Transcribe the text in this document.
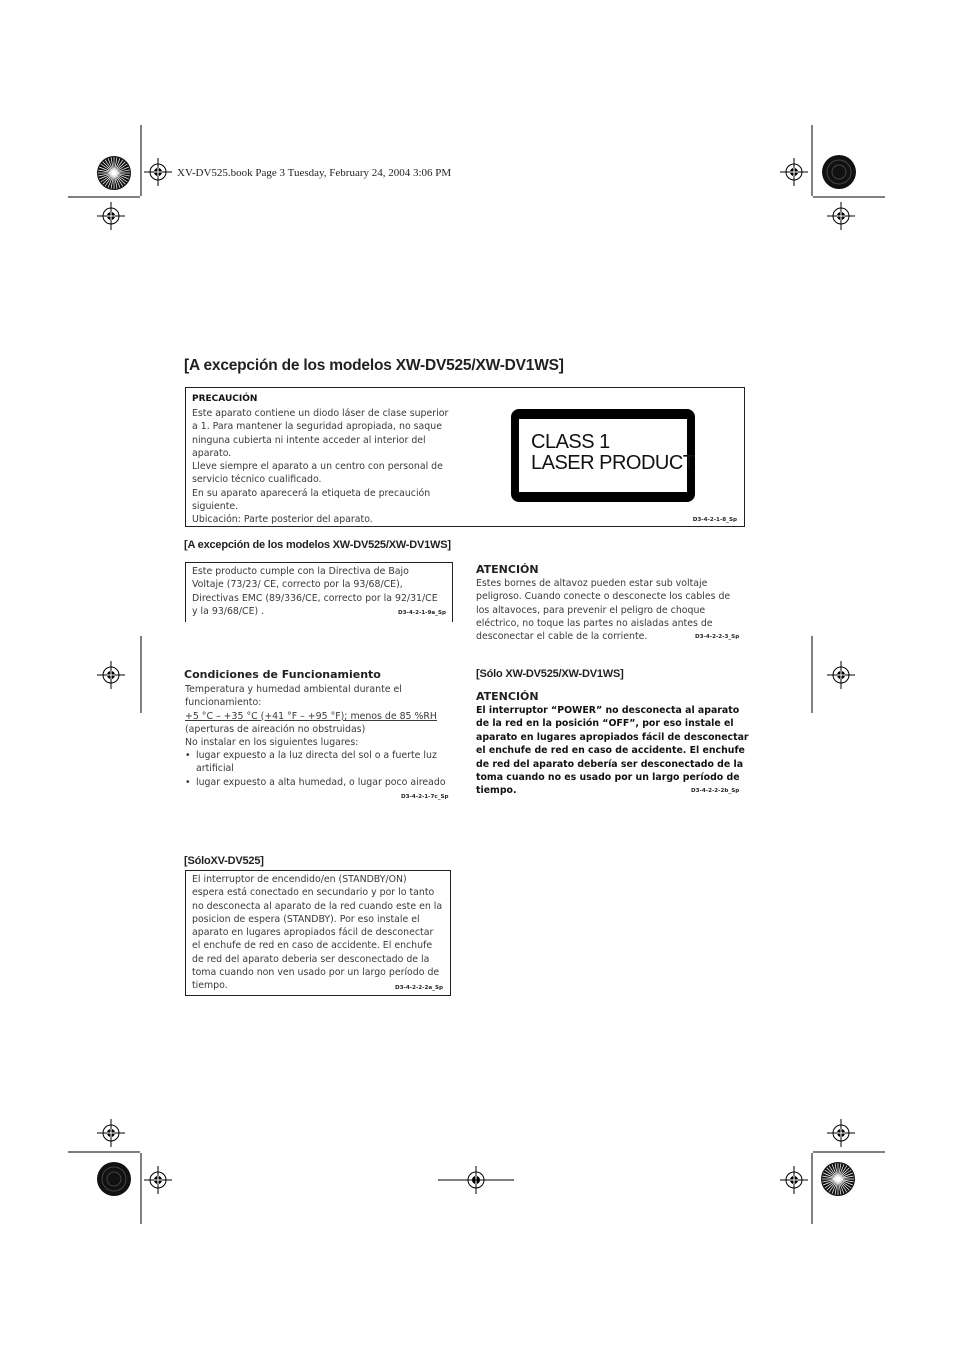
XV-DV525.book Page 3 Tuesday, February 24, 2004 3:06 PM
[A excepción de los modelos XW-DV525/XW-DV1WS]
PRECAUCIÓN
Este aparato contiene un diodo láser de clase superior
a 1. Para mantener la seguridad apropiada, no saque
ninguna cubierta ni intente acceder al interior del
aparato.
Lleve siempre el aparato a un centro con personal de
servicio técnico cualificado.
En su aparato aparecerá la etiqueta de precaución
siguiente.
Ubicación: Parte posterior del aparato.	D3-4-2-1-8_Sp
CLASS 1
LASER PRODUCT
[A excepción de los modelos XW-DV525/XW-DV1WS]
Este producto cumple con la Directiva de Bajo
Voltaje (73/23/ CE, correcto por la 93/68/CE),
Directivas EMC (89/336/CE, correcto por la 92/31/CE
y la 93/68/CE) .	D3-4-2-1-9a_Sp
ATENCIÓN
Estes bornes de altavoz pueden estar sub voltaje
peligroso. Cuando conecte o desconecte los cables de
los altavoces, para prevenir el peligro de choque
eléctrico, no toque las partes no aisladas antes de
desconectar el cable de la corriente.	D3-4-2-2-3_Sp
Condiciones de Funcionamiento
Temperatura y humedad ambiental durante el
funcionamiento:
+5 °C – +35 °C (+41 °F – +95 °F); menos de 85 %RH
(aperturas de aireación no obstruidas)
No instalar en los siguientes lugares:
• lugar expuesto a la luz directa del sol o a fuerte luz
artificial
• lugar expuesto a alta humedad, o lugar poco aireado
D3-4-2-1-7c_Sp
[Sólo XW-DV525/XW-DV1WS]
ATENCIÓN
El interruptor “POWER” no desconecta al aparato
de la red en la posición “OFF”, por eso instale el
aparato en lugares apropiados fácil de desconectar
el enchufe de red en caso de accidente. El enchufe
de red del aparato debería ser desconectado de la
toma cuando no es usado por un largo período de
tiempo.	D3-4-2-2-2b_Sp
[SóloXV-DV525]
El interruptor de encendido/en (STANDBY/ON)
espera está conectado en secundario y por lo tanto
no desconecta al aparato de la red cuando este en la
posicion de espera (STANDBY). Por eso instale el
aparato en lugares apropiados fácil de desconectar
el enchufe de red en caso de accidente. El enchufe
de red del aparato deberia ser desconectado de la
toma cuando non ven usado por un largo período de
tiempo.	D3-4-2-2-2a_Sp
